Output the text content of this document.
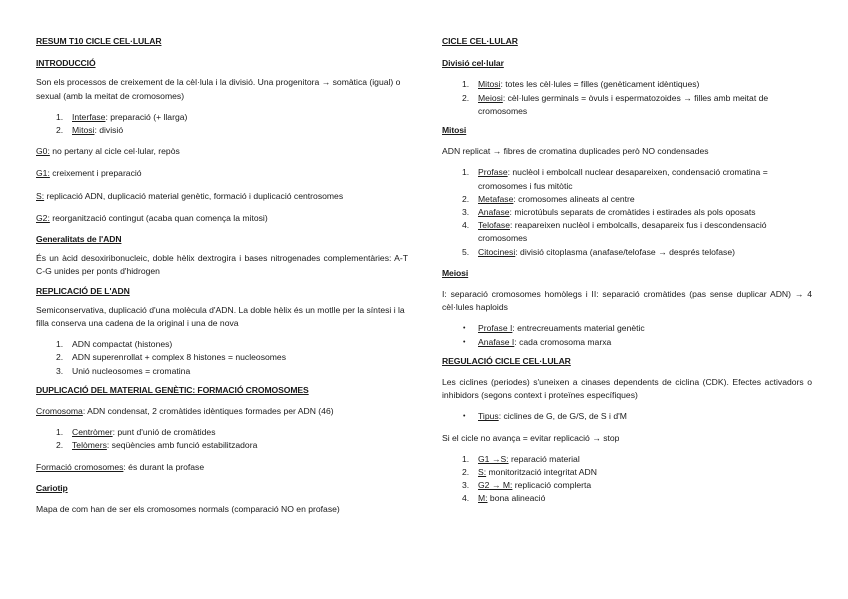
RESUM T10 CICLE CEL·LULAR

INTRODUCCIÓ

Son els processos de creixement de la cèl·lula i la divisió. Una progenitora → somàtica (igual) o sexual (amb la meitat de cromosomes)

1. Interfase: preparació (+ llarga)
2. Mitosi: divisió

G0: no pertany al cicle cel·lular, repòs

G1: creixement i preparació

S: replicació ADN, duplicació material genètic, formació i duplicació centrosomes

G2: reorganització contingut (acaba quan comença la mitosi)

Generalitats de l'ADN

És un àcid desoxiribonucleic, doble hèlix dextrogira i bases nitrogenades complementàries: A-T C-G unides per ponts d'hidrogen

REPLICACIÓ DE L'ADN

Semiconservativa, duplicació d'una molècula d'ADN. La doble hèlix és un motlle per la síntesi i la filla conserva una cadena de la original i una de nova

1. ADN compactat (histones)
2. ADN superenrollat + complex 8 histones = nucleosomes
3. Unió nucleosomes = cromatina

DUPLICACIÓ DEL MATERIAL GENÈTIC: FORMACIÓ CROMOSOMES

Cromosoma: ADN condensat, 2 cromàtides idèntiques formades per ADN (46)

1. Centròmer: punt d'unió de cromàtides
2. Telòmers: seqüències amb funció estabilitzadora

Formació cromosomes: és durant la profase

Cariotip

Mapa de com han de ser els cromosomes normals (comparació NO en profase)

CICLE CEL·LULAR

Divisió cel·lular

1. Mitosi: totes les cèl·lules = filles (genèticament idèntiques)
2. Meiosi: cèl·lules germinals = òvuls i espermatozoides → filles amb meitat de cromosomes

Mitosi

ADN replicat → fibres de cromatina duplicades però NO condensades

1. Profase: nuclèol i embolcall nuclear desapareixen, condensació cromatina = cromosomes i fus mitòtic
2. Metafase: cromosomes alineats al centre
3. Anafase: microtúbuls separats de cromàtides i estirades als pols oposats
4. Telofase: reapareixen nuclèol i embolcalls, desapareix fus i descondensació cromosomes
5. Citocinesi: divisió citoplasma (anafase/telofase → després telofase)

Meiosi

I: separació cromosomes homòlegs i II: separació cromàtides (pas sense duplicar ADN) → 4 cèl·lules haploids

• Profase I: entrecreuaments material genètic
• Anafase I: cada cromosoma marxa

REGULACIÓ CICLE CEL·LULAR

Les ciclines (periodes) s'uneixen a cinases dependents de ciclina (CDK). Efectes activadors o inhibidors (segons context i proteïnes específiques)

• Tipus: ciclines de G, de G/S, de S i d'M

Si el cicle no avança = evitar replicació → stop

1. G1 →S: reparació material
2. S: monitorització integritat ADN
3. G2 → M: replicació complerta
4. M: bona alineació
